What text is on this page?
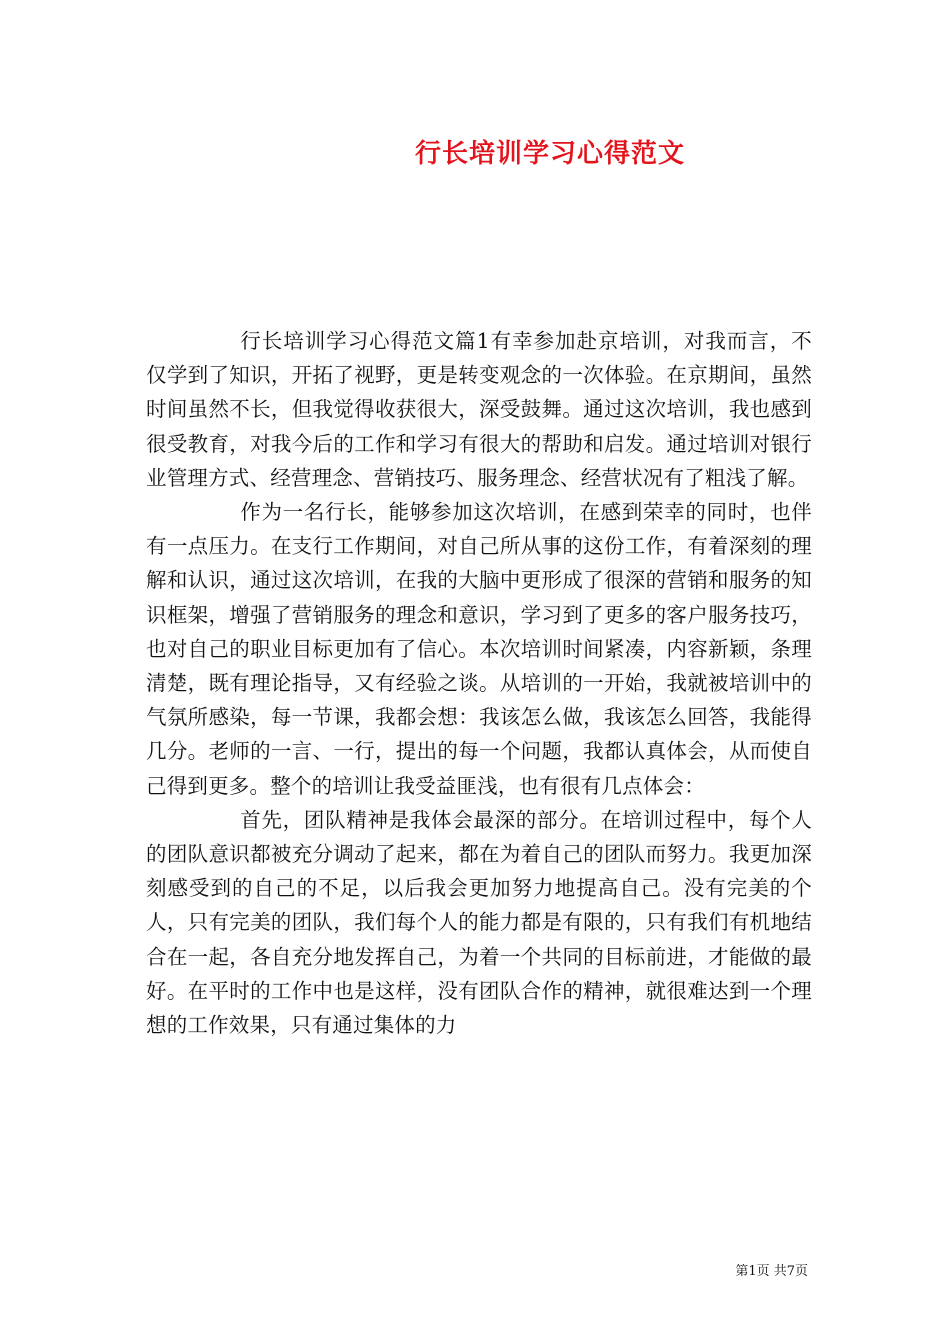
行长培训学习心得范文

行长培训学习心得范文篇1有幸参加赴京培训，对我而言，不仅学到了知识，开拓了视野，更是转变观念的一次体验。在京期间，虽然时间虽然不长，但我觉得收获很大，深受鼓舞。通过这次培训，我也感到很受教育，对我今后的工作和学习有很大的帮助和启发。通过培训对银行业管理方式、经营理念、营销技巧、服务理念、经营状况有了粗浅了解。

作为一名行长，能够参加这次培训，在感到荣幸的同时，也伴有一点压力。在支行工作期间，对自己所从事的这份工作，有着深刻的理解和认识，通过这次培训，在我的大脑中更形成了很深的营销和服务的知识框架，增强了营销服务的理念和意识，学习到了更多的客户服务技巧，也对自己的职业目标更加有了信心。本次培训时间紧凑，内容新颖，条理清楚，既有理论指导，又有经验之谈。从培训的一开始，我就被培训中的气氛所感染，每一节课，我都会想：我该怎么做，我该怎么回答，我能得几分。老师的一言、一行，提出的每一个问题，我都认真体会，从而使自己得到更多。整个的培训让我受益匪浅，也有很有几点体会：

首先，团队精神是我体会最深的部分。在培训过程中，每个人的团队意识都被充分调动了起来，都在为着自己的团队而努力。我更加深刻感受到的自己的不足，以后我会更加努力地提高自己。没有完美的个人，只有完美的团队，我们每个人的能力都是有限的，只有我们有机地结合在一起，各自充分地发挥自己，为着一个共同的目标前进，才能做的最好。在平时的工作中也是这样，没有团队合作的精神，就很难达到一个理想的工作效果，只有通过集体的力

第1页 共7页
